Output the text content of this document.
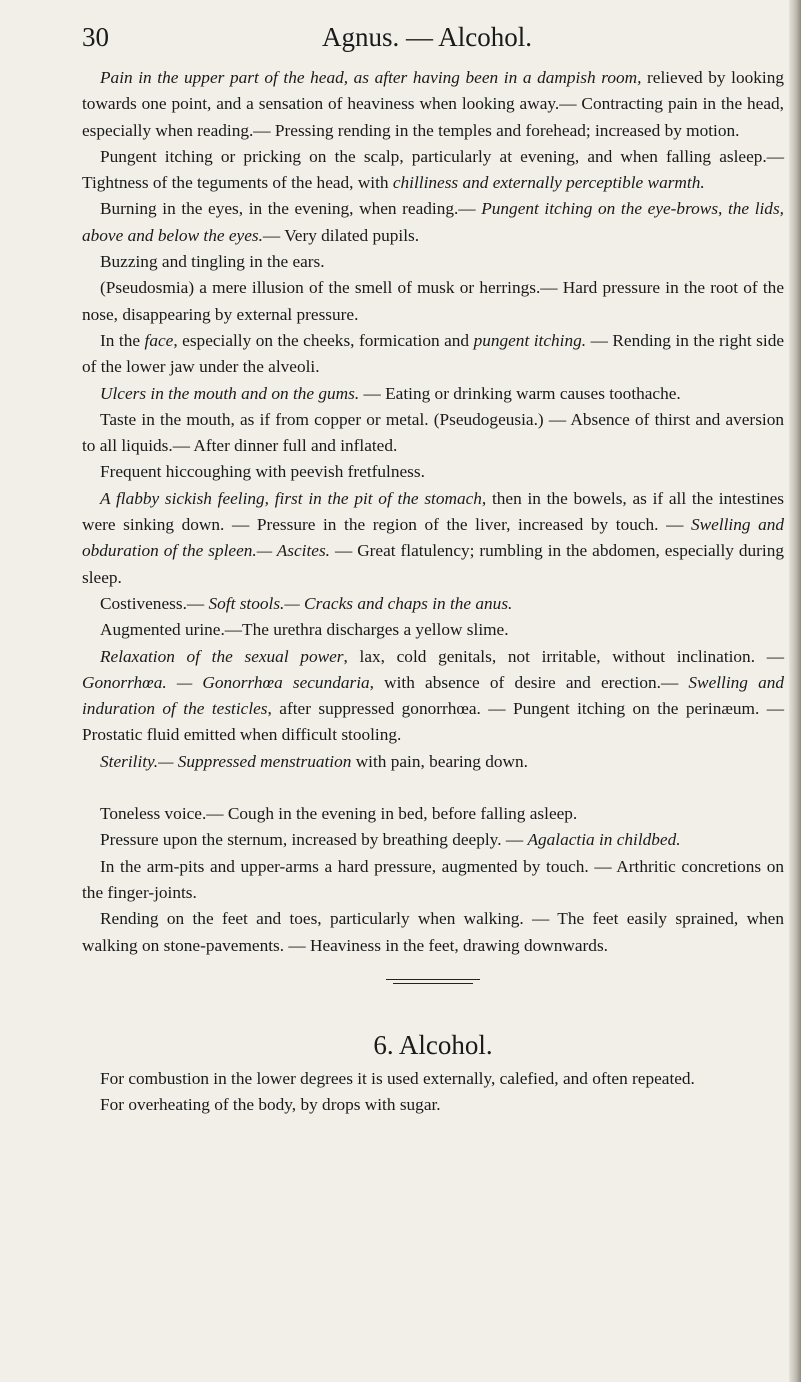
30	Agnus. — Alcohol.

Pain in the upper part of the head, as after having been in a dampish room, relieved by looking towards one point, and a sensation of heaviness when looking away.— Contracting pain in the head, especially when reading.— Pressing rending in the temples and forehead; increased by motion.

Pungent itching or pricking on the scalp, particularly at evening, and when falling asleep.— Tightness of the teguments of the head, with chilliness and externally perceptible warmth.

Burning in the eyes, in the evening, when reading.— Pungent itching on the eye-brows, the lids, above and below the eyes.— Very dilated pupils.

Buzzing and tingling in the ears.

(Pseudosmia) a mere illusion of the smell of musk or herrings.— Hard pressure in the root of the nose, disappearing by external pressure.

In the face, especially on the cheeks, formication and pungent itching. — Rending in the right side of the lower jaw under the alveoli.

Ulcers in the mouth and on the gums. — Eating or drinking warm causes toothache.

Taste in the mouth, as if from copper or metal. (Pseudogeusia.) — Absence of thirst and aversion to all liquids.— After dinner full and inflated.

Frequent hiccoughing with peevish fretfulness.

A flabby sickish feeling, first in the pit of the stomach, then in the bowels, as if all the intestines were sinking down. — Pressure in the region of the liver, increased by touch. — Swelling and obduration of the spleen.— Ascites. — Great flatulency; rumbling in the abdomen, especially during sleep.

Costiveness.— Soft stools.— Cracks and chaps in the anus.

Augmented urine.—The urethra discharges a yellow slime.

Relaxation of the sexual power, lax, cold genitals, not irritable, without inclination. — Gonorrhœa. — Gonorrhœa secundaria, with absence of desire and erection.— Swelling and induration of the testicles, after suppressed gonorrhœa. — Pungent itching on the perinæum. — Prostatic fluid emitted when difficult stooling.

Sterility.— Suppressed menstruation with pain, bearing down.

Toneless voice.— Cough in the evening in bed, before falling asleep.

Pressure upon the sternum, increased by breathing deeply. — Agalactia in childbed.

In the arm-pits and upper-arms a hard pressure, augmented by touch. — Arthritic concretions on the finger-joints.

Rending on the feet and toes, particularly when walking. — The feet easily sprained, when walking on stone-pavements. — Heaviness in the feet, drawing downwards.

6. Alcohol.

For combustion in the lower degrees it is used externally, calefied, and often repeated.

For overheating of the body, by drops with sugar.
